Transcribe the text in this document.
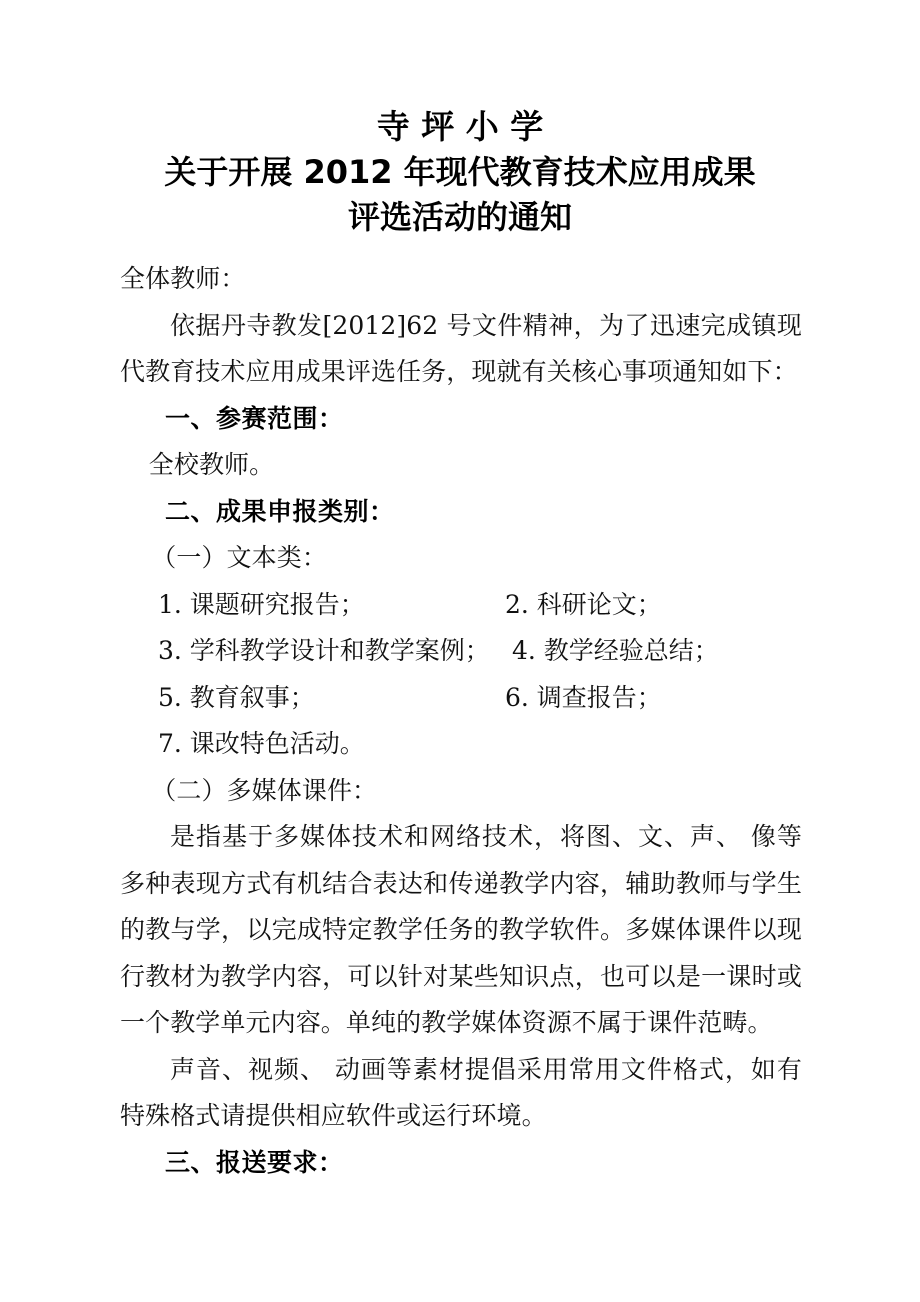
寺 坪 小 学
关于开展 2012 年现代教育技术应用成果
评选活动的通知

全体教师：

依据丹寺教发[2012]62 号文件精神，为了迅速完成镇现代教育技术应用成果评选任务，现就有关核心事项通知如下：

一、参赛范围：

全校教师。

二、成果申报类别：

（一）文本类：

1. 课题研究报告；

	2. 科研论文；

3. 学科教学设计和教学案例；

4. 教学经验总结；

5. 教育叙事；

	6. 调查报告；

7. 课改特色活动。

（二）多媒体课件：

是指基于多媒体技术和网络技术，将图、文、声、 像等多种表现方式有机结合表达和传递教学内容，辅助教师与学生的教与学，以完成特定教学任务的教学软件。多媒体课件以现行教材为教学内容，可以针对某些知识点，也可以是一课时或一个教学单元内容。单纯的教学媒体资源不属于课件范畴。

声音、视频、 动画等素材提倡采用常用文件格式，如有特殊格式请提供相应软件或运行环境。

三、报送要求：
